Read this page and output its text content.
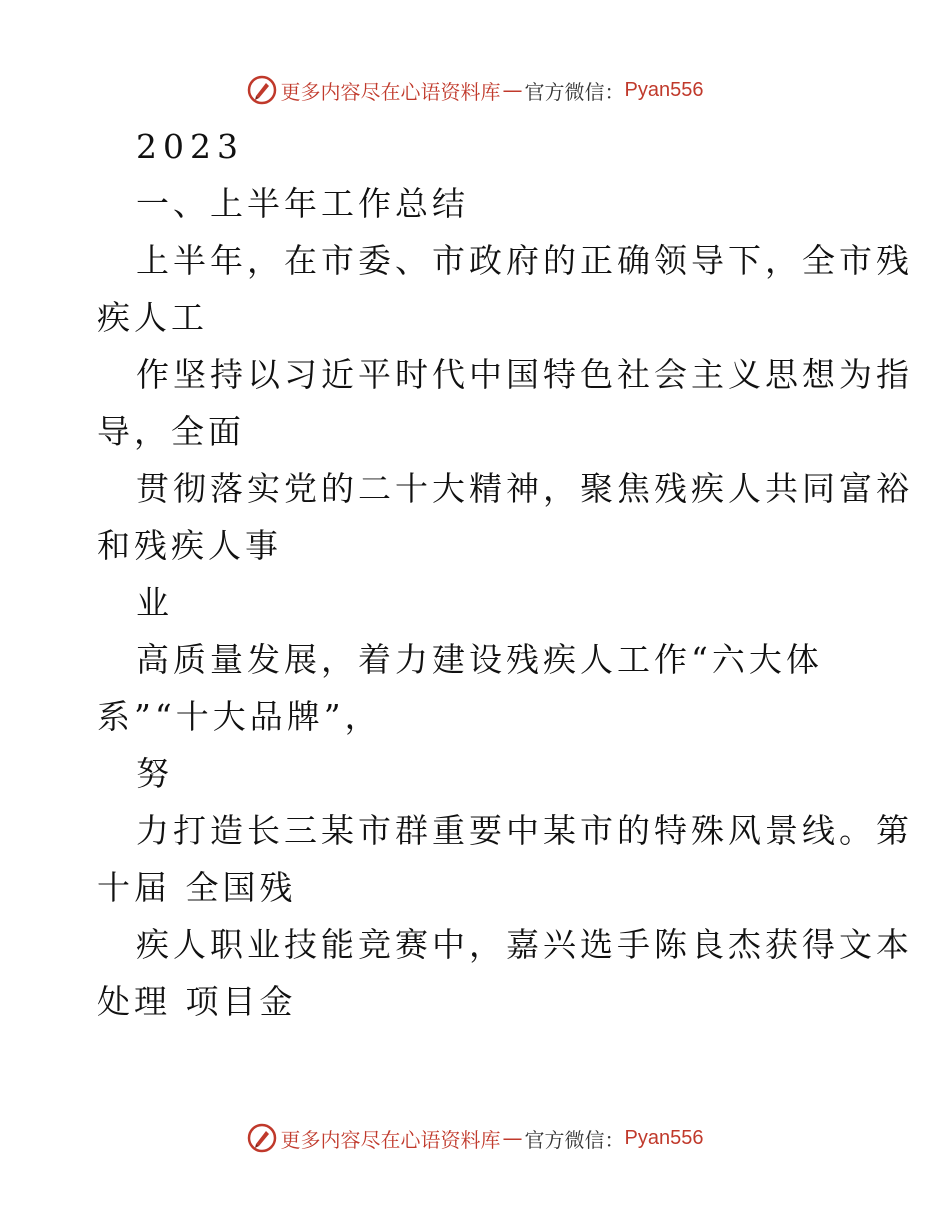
更多内容尽在心语资料库 — 官方微信： Pyan556
2023
一、上半年工作总结
上半年，在市委、市政府的正确领导下，全市残
疾人工
作坚持以习近平时代中国特色社会主义思想为指
导，全面
贯彻落实党的二十大精神，聚焦残疾人共同富裕
和残疾人事
业
高质量发展，着力建设残疾人工作“六大体
系”“十大品牌”，
努
力打造长三某市群重要中某市的特殊风景线。第
十届 全国残
疾人职业技能竞赛中，嘉兴选手陈良杰获得文本
处理 项目金
更多内容尽在心语资料库 — 官方微信： Pyan556
